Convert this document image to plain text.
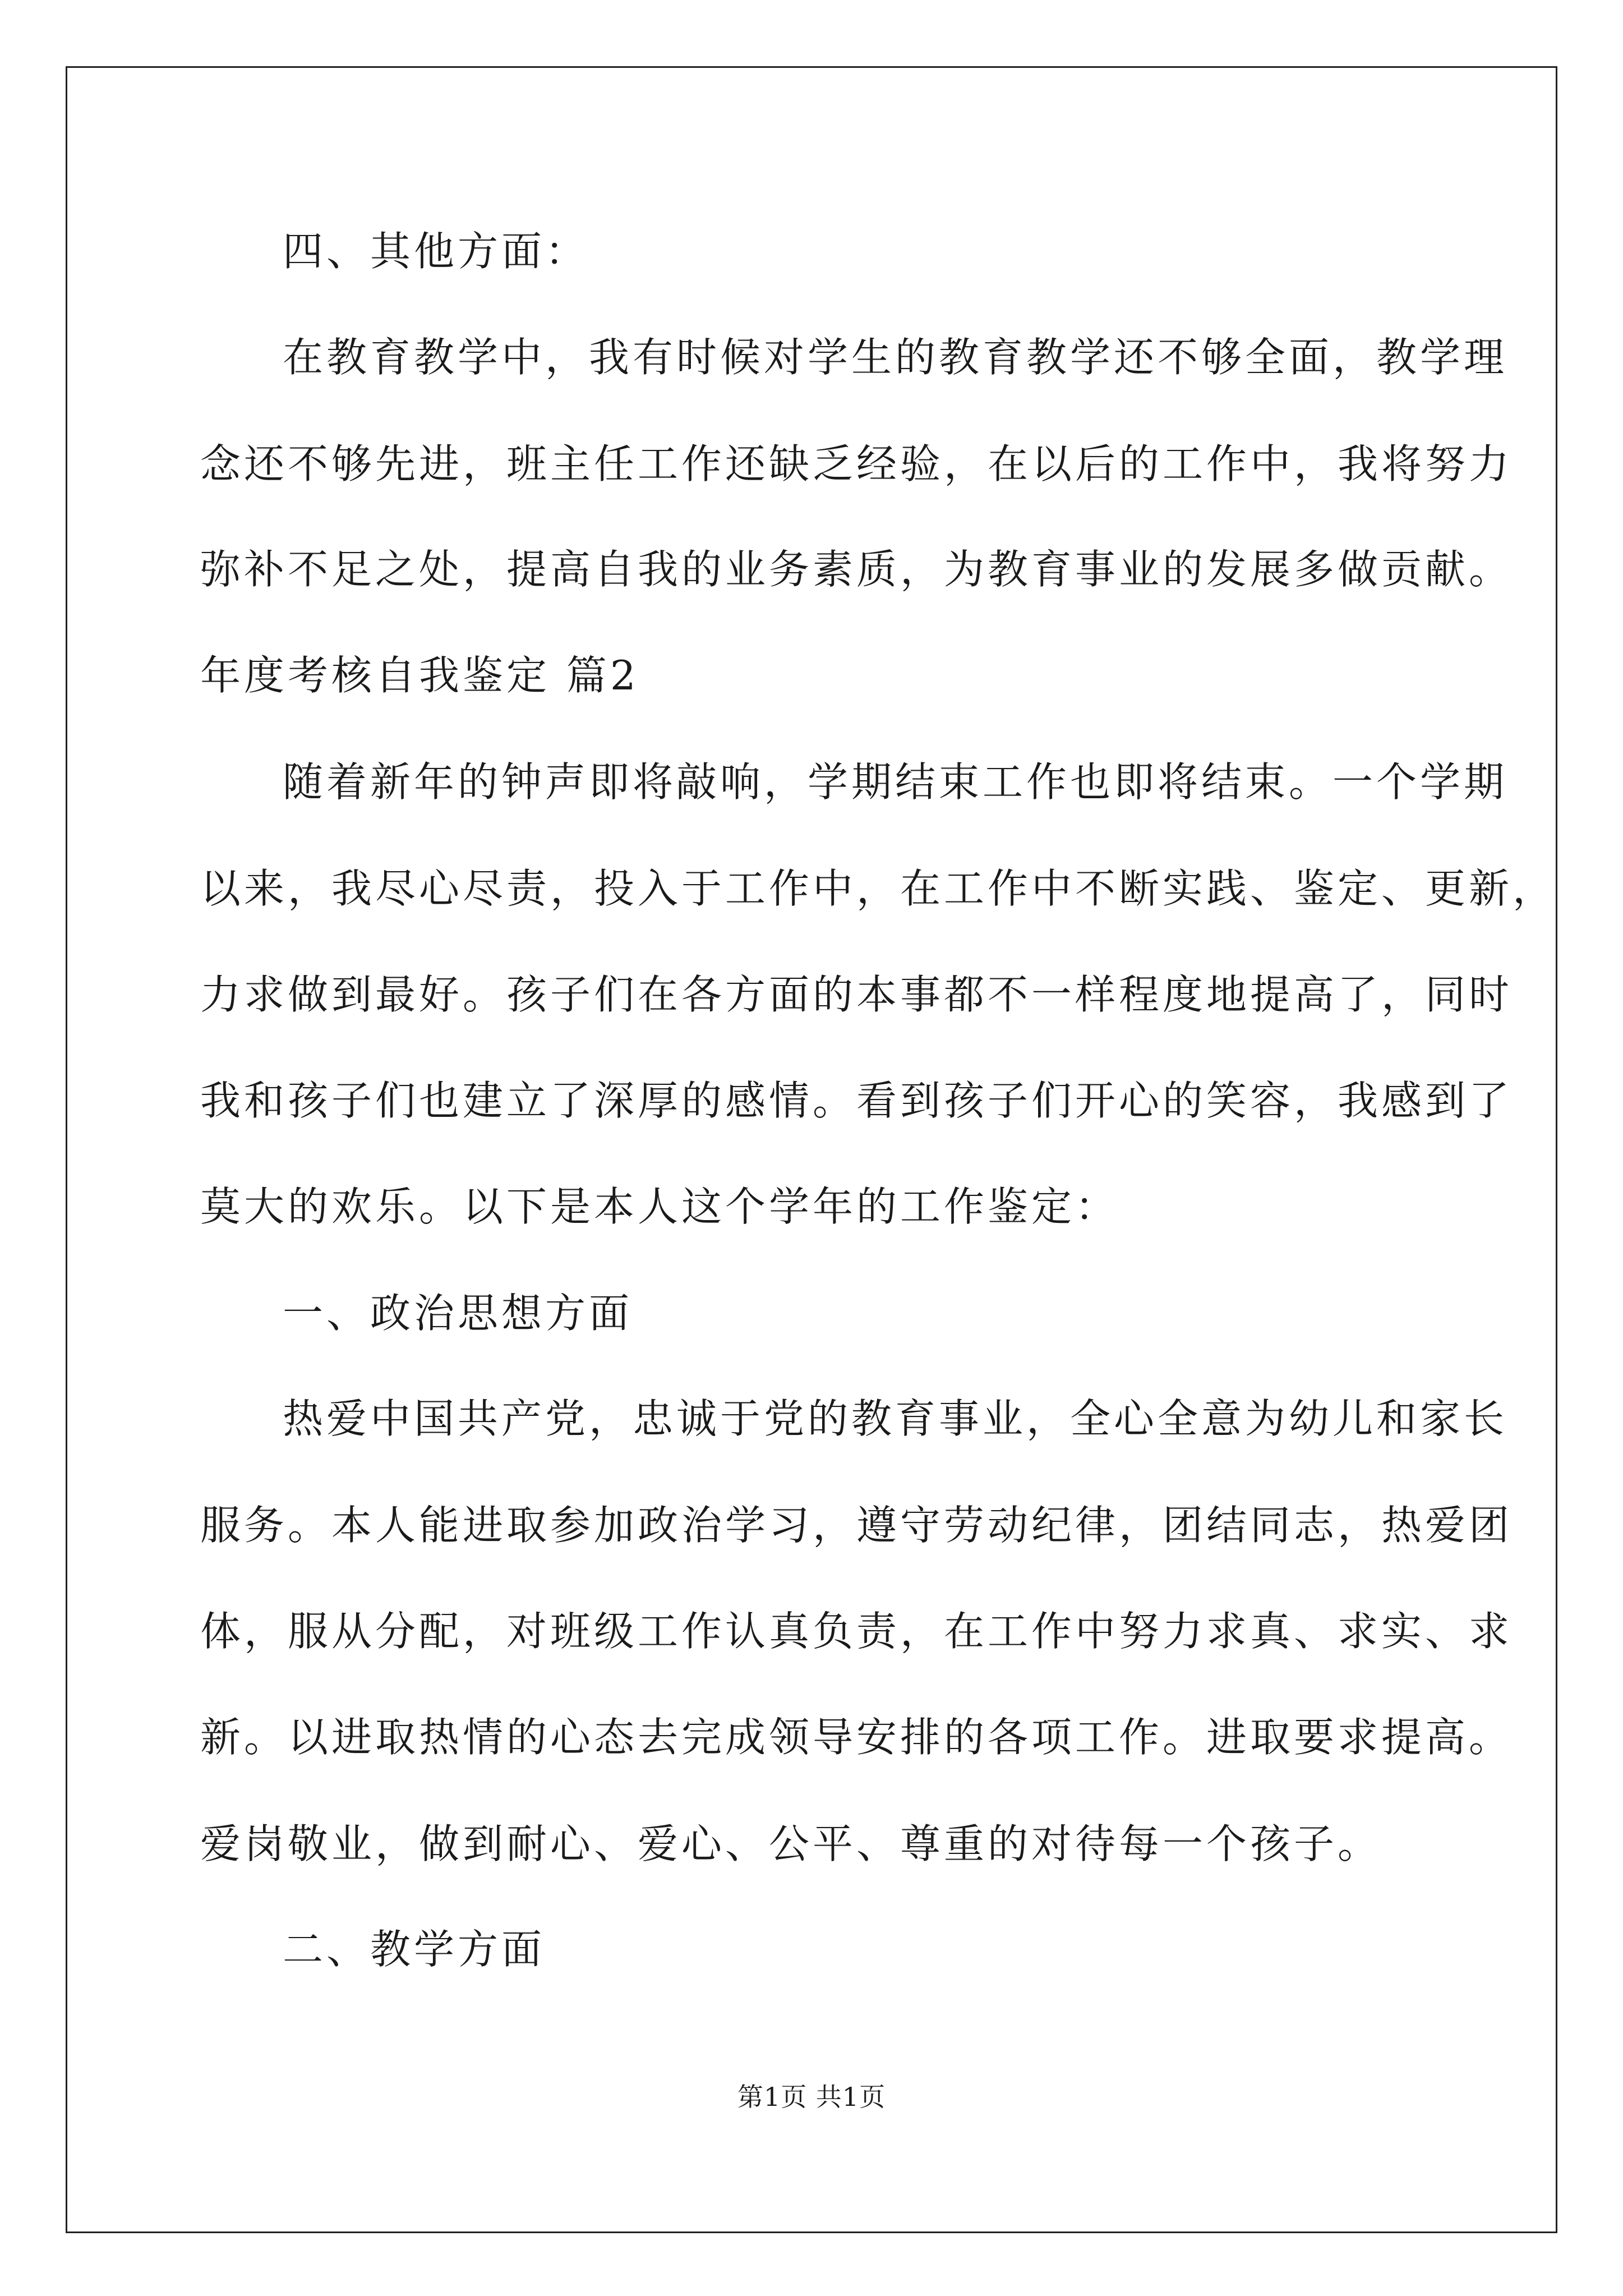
四、其他方面：
在教育教学中，我有时候对学生的教育教学还不够全面，教学理
念还不够先进，班主任工作还缺乏经验，在以后的工作中，我将努力
弥补不足之处，提高自我的业务素质，为教育事业的发展多做贡献。
年度考核自我鉴定 篇2
随着新年的钟声即将敲响，学期结束工作也即将结束。一个学期
以来，我尽心尽责，投入于工作中，在工作中不断实践、鉴定、更新，
力求做到最好。孩子们在各方面的本事都不一样程度地提高了，同时
我和孩子们也建立了深厚的感情。看到孩子们开心的笑容，我感到了
莫大的欢乐。以下是本人这个学年的工作鉴定：
一、政治思想方面
热爱中国共产党，忠诚于党的教育事业，全心全意为幼儿和家长
服务。本人能进取参加政治学习，遵守劳动纪律，团结同志，热爱团
体，服从分配，对班级工作认真负责，在工作中努力求真、求实、求
新。以进取热情的心态去完成领导安排的各项工作。进取要求提高。
爱岗敬业，做到耐心、爱心、公平、尊重的对待每一个孩子。
二、教学方面
第1页 共1页
